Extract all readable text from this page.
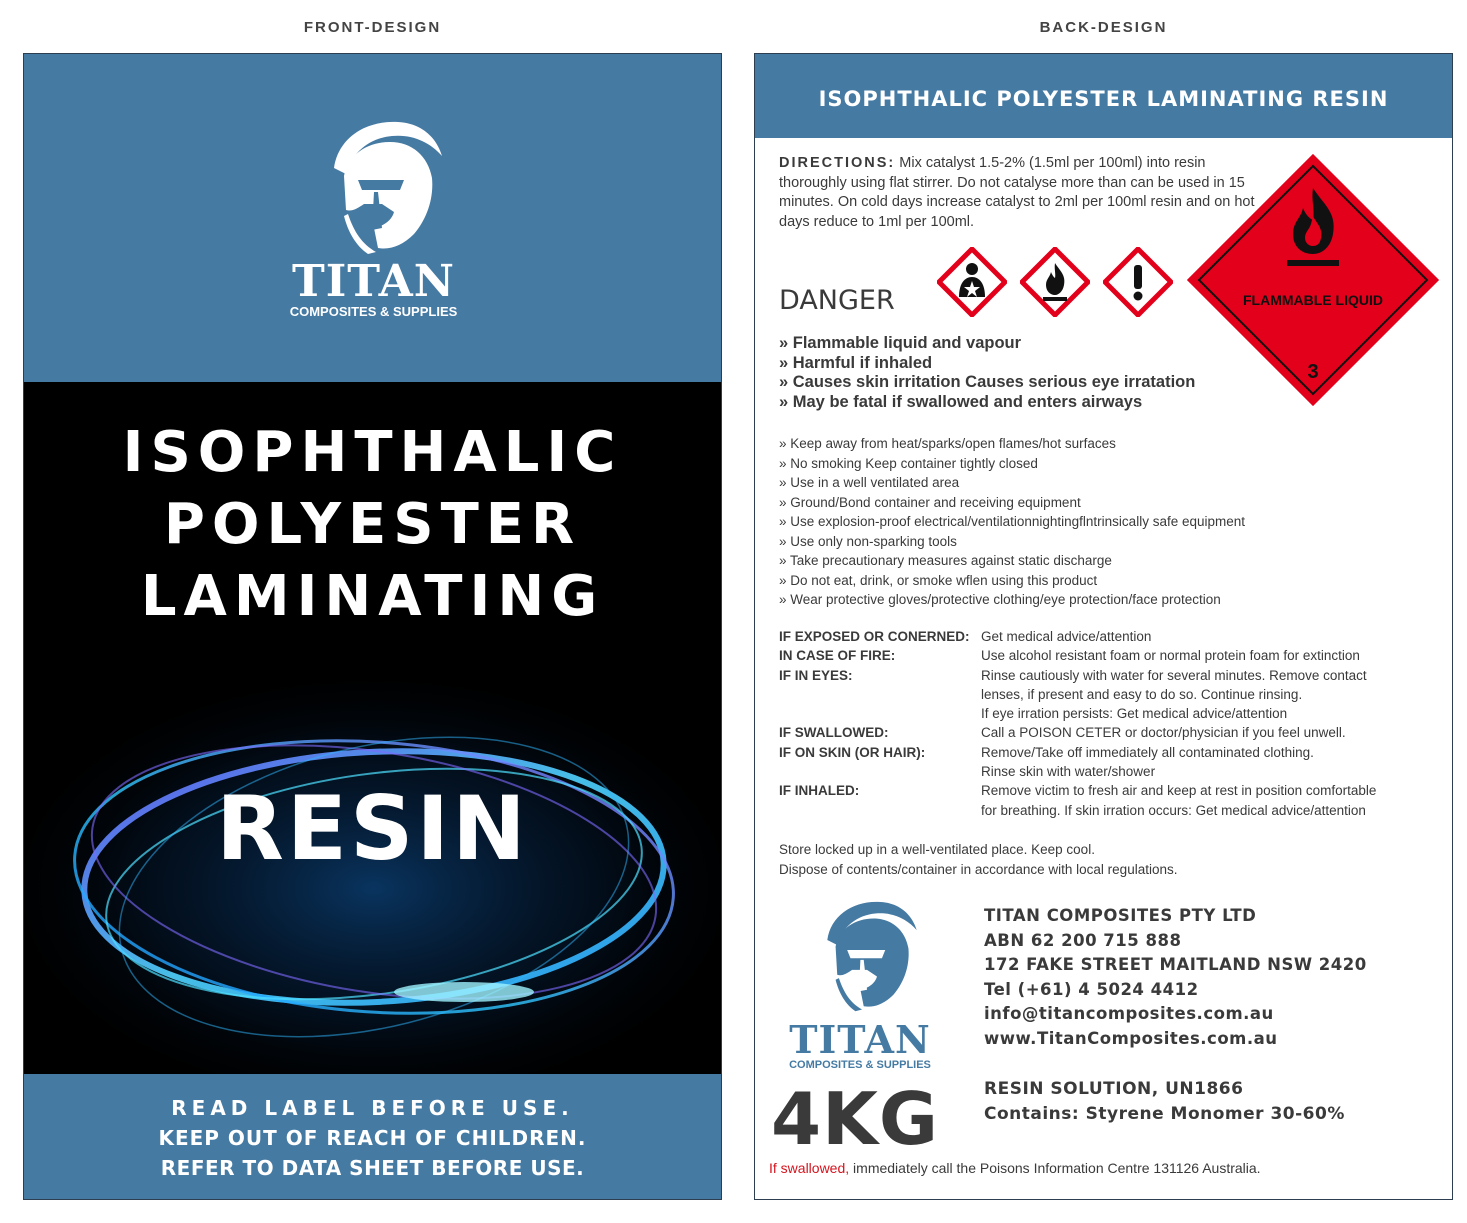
FRONT-DESIGN	BACK-DESIGN
TITAN
COMPOSITES & SUPPLIES
ISOPHTHALIC
POLYESTER
LAMINATING
RESIN
READ LABEL BEFORE USE.
KEEP OUT OF REACH OF CHILDREN.
REFER TO DATA SHEET BEFORE USE.
ISOPHTHALIC POLYESTER LAMINATING RESIN
DIRECTIONS: Mix catalyst 1.5-2% (1.5ml per 100ml) into resin thoroughly using flat stirrer. Do not catalyse more than can be used in 15 minutes. On cold days increase catalyst to 2ml per 100ml resin and on hot days reduce to 1ml per 100ml.
DANGER	FLAMMABLE LIQUID
3
» Flammable liquid and vapour
» Harmful if inhaled
» Causes skin irritation Causes serious eye irratation
» May be fatal if swallowed and enters airways
» Keep away from heat/sparks/open flames/hot surfaces
» No smoking Keep container tightly closed
» Use in a well ventilated area
» Ground/Bond container and receiving equipment
» Use explosion-proof electrical/ventilationnightingflntrinsically safe equipment
» Use only non-sparking tools
» Take precautionary measures against static discharge
» Do not eat, drink, or smoke wflen using this product
» Wear protective gloves/protective clothing/eye protection/face protection
IF EXPOSED OR CONERNED: Get medical advice/attention
IN CASE OF FIRE:	Use alcohol resistant foam or normal protein foam for extinction
IF IN EYES:	Rinse cautiously with water for several minutes. Remove contact
lenses, if present and easy to do so. Continue rinsing.
If eye irration persists: Get medical advice/attention
IF SWALLOWED:	Call a POISON CETER or doctor/physician if you feel unwell.
IF ON SKIN (OR HAIR):	Remove/Take off immediately all contaminated clothing.
Rinse skin with water/shower
IF INHALED:	Remove victim to fresh air and keep at rest in position comfortable
for breathing. If skin irration occurs: Get medical advice/attention
Store locked up in a well-ventilated place. Keep cool.
Dispose of contents/container in accordance with local regulations.
TITAN
COMPOSITES & SUPPLIES
TITAN COMPOSITES PTY LTD
ABN 62 200 715 888
172 FAKE STREET MAITLAND NSW 2420
Tel (+61) 4 5024 4412
info@titancomposites.com.au
www.TitanComposites.com.au
4KG	RESIN SOLUTION, UN1866
Contains: Styrene Monomer 30-60%
If swallowed, immediately call the Poisons Information Centre 131126 Australia.
